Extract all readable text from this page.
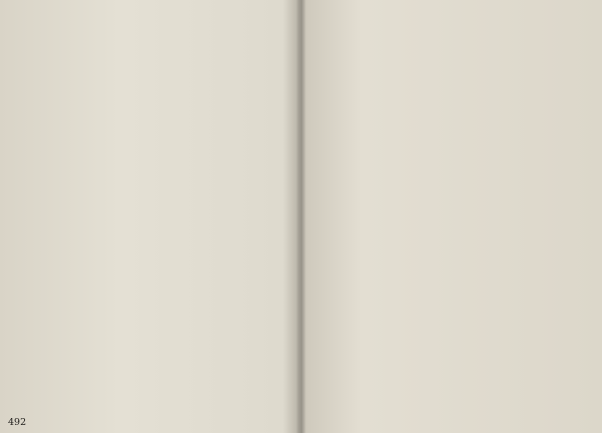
492
